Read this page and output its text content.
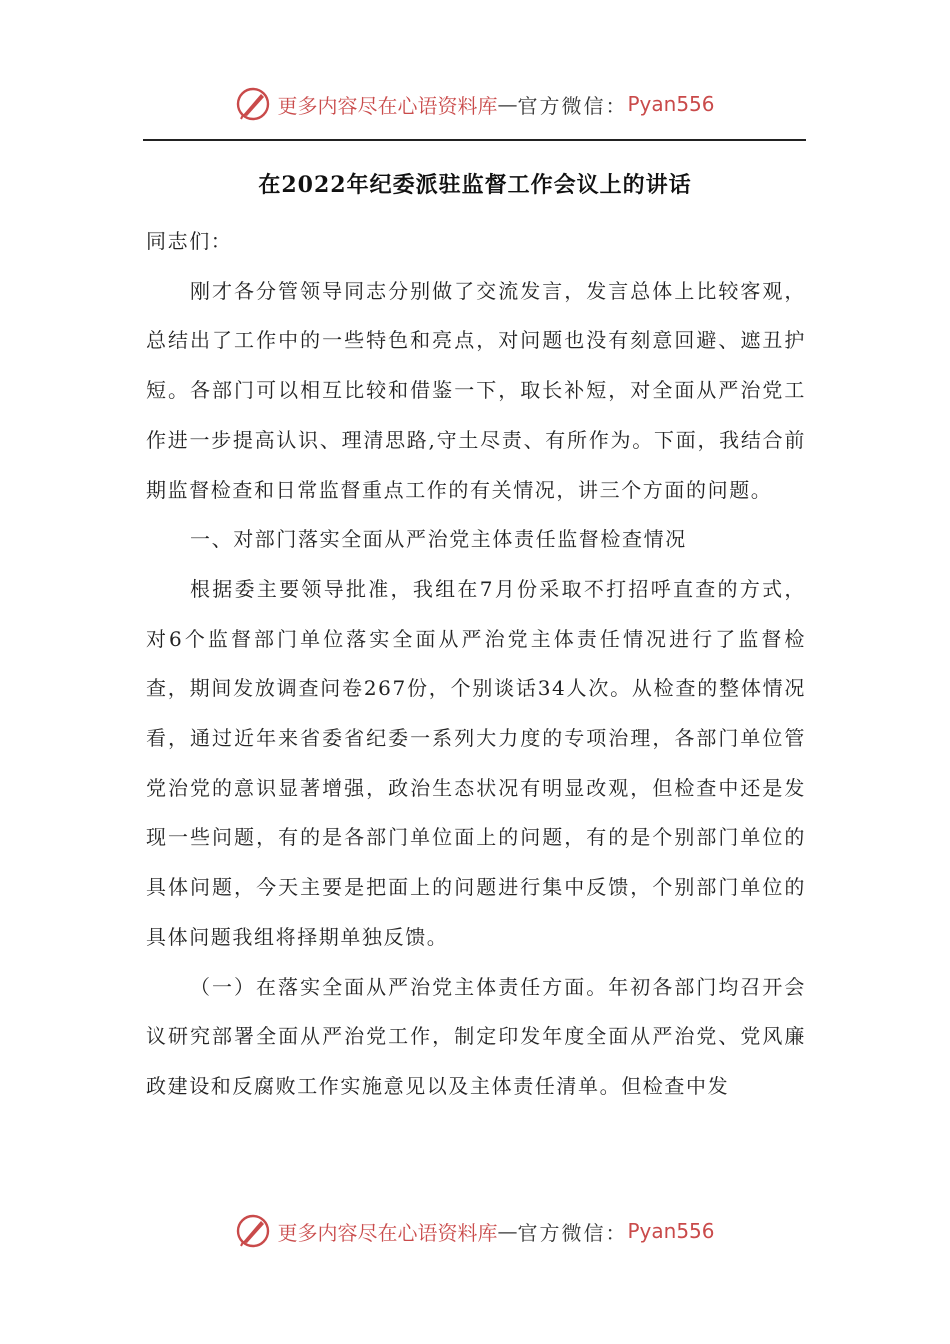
更多内容尽在心语资料库 — 官方微信： Pyan556
在2022年纪委派驻监督工作会议上的讲话

同志们：

刚才各分管领导同志分别做了交流发言，发言总体上比较客观，总结出了工作中的一些特色和亮点，对问题也没有刻意回避、遮丑护短。各部门可以相互比较和借鉴一下，取长补短，对全面从严治党工作进一步提高认识、理清思路,守土尽责、有所作为。下面，我结合前期监督检查和日常监督重点工作的有关情况，讲三个方面的问题。

一、对部门落实全面从严治党主体责任监督检查情况

根据委主要领导批准，我组在7月份采取不打招呼直查的方式，对6个监督部门单位落实全面从严治党主体责任情况进行了监督检查，期间发放调查问卷267份，个别谈话34人次。从检查的整体情况看，通过近年来省委省纪委一系列大力度的专项治理，各部门单位管党治党的意识显著增强，政治生态状况有明显改观，但检查中还是发现一些问题，有的是各部门单位面上的问题，有的是个别部门单位的具体问题，今天主要是把面上的问题进行集中反馈，个别部门单位的具体问题我组将择期单独反馈。

（一）在落实全面从严治党主体责任方面。年初各部门均召开会议研究部署全面从严治党工作，制定印发年度全面从严治党、党风廉政建设和反腐败工作实施意见以及主体责任清单。但检查中发

更多内容尽在心语资料库 — 官方微信： Pyan556
